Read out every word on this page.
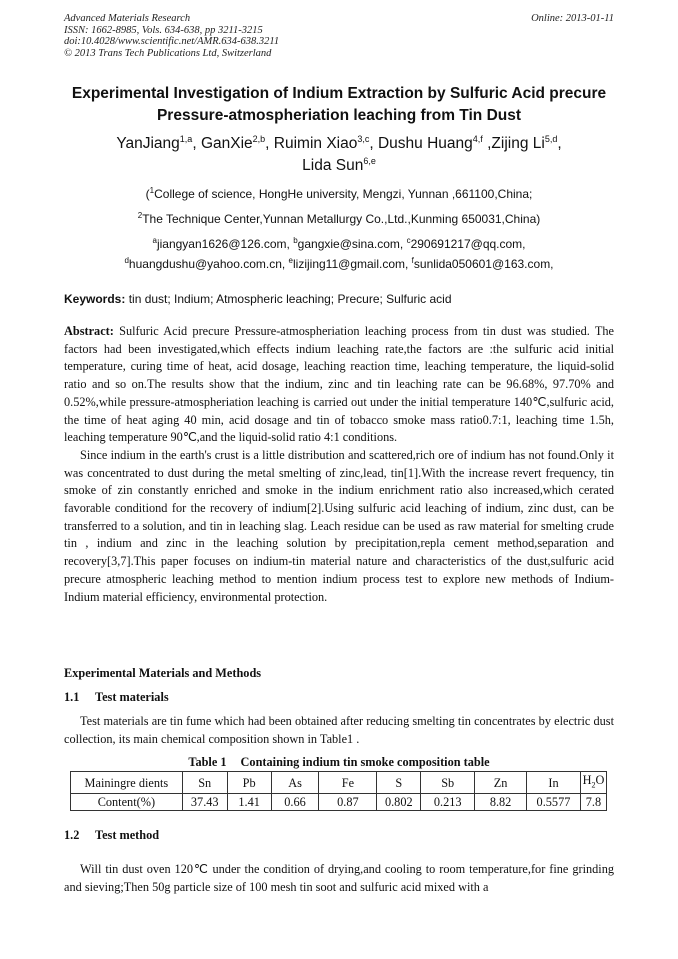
Advanced Materials Research
ISSN: 1662-8985, Vols. 634-638, pp 3211-3215
doi:10.4028/www.scientific.net/AMR.634-638.3211
© 2013 Trans Tech Publications Ltd, Switzerland
Online: 2013-01-11
Experimental Investigation of Indium Extraction by Sulfuric Acid precure
Pressure-atmospheriation leaching from Tin Dust
YanJiang$^{1,a}$, GanXie$^{2,b}$, Ruimin Xiao$^{3,c}$, Dushu Huang$^{4,f}$ ,Zijing Li$^{5,d}$,
Lida Sun$^{6,e}$
($^1$College of science, HongHe university, Mengzi, Yunnan ,661100,China;
$^2$The Technique Center,Yunnan Metallurgy Co.,Ltd.,Kunming 650031,China)
$^a$jiangyan1626@126.com, $^b$gangxie@sina.com, $^c$290691217@qq.com,
$^d$huangdushu@yahoo.com.cn, $^e$lizijing11@gmail.com, $^f$sunlida050601@163.com,
Keywords: tin dust; Indium; Atmospheric leaching; Precure; Sulfuric acid

Abstract: Sulfuric Acid precure Pressure-atmospheriation leaching process from tin dust was studied. The factors had been investigated,which effects indium leaching rate,the factors are :the sulfuric acid initial temperature, curing time of heat, acid dosage, leaching reaction time, leaching temperature, the liquid-solid ratio and so on.The results show that the indium, zinc and tin leaching rate can be 96.68%, 97.70% and 0.52%,while pressure-atmospheriation leaching is carried out under the initial temperature 140℃,sulfuric acid, the time of heat aging 40 min, acid dosage and tin of tobacco smoke mass ratio0.7:1, leaching time 1.5h, leaching temperature 90℃,and the liquid-solid ratio 4:1 conditions.

Since indium in the earth's crust is a little distribution and scattered,rich ore of indium has not found.Only it was concentrated to dust during the metal smelting of zinc,lead, tin[1].With the increase revert frequency, tin smoke of zin constantly enriched and smoke in the indium enrichment ratio also increased,which cerated favorable conditiond for the recovery of indium[2].Using sulfuric acid leaching of indium, zinc dust, can be transferred to a solution, and tin in leaching slag. Leach residue can be used as raw material for smelting crude tin , indium and zinc in the leaching solution by precipitation,repla cement method,separation and recovery[3,7].This paper focuses on indium-tin material nature and characteristics of the dust,sulfuric acid precure atmospheric leaching method to mention indium process test to explore new methods of Indium-Indium material efficiency, environmental protection.

Experimental Materials and Methods
1.1 Test materials

Test materials are tin fume which had been obtained after reducing smelting tin concentrates by electric dust collection, its main chemical composition shown in Table1 .

Table 1 Containing indium tin smoke composition table
Mainingre dients	Sn	Pb	As	Fe	S	Sb	Zn	In	$H_2O$
Content(%)	37.43	1.41	0.66	0.87	0.802	0.213	8.82	0.5577	7.8
1.2 Test method

Will tin dust oven 120℃ under the condition of drying,and cooling to room temperature,for fine grinding and sieving;Then 50g particle size of 100 mesh tin soot and sulfuric acid mixed with a
